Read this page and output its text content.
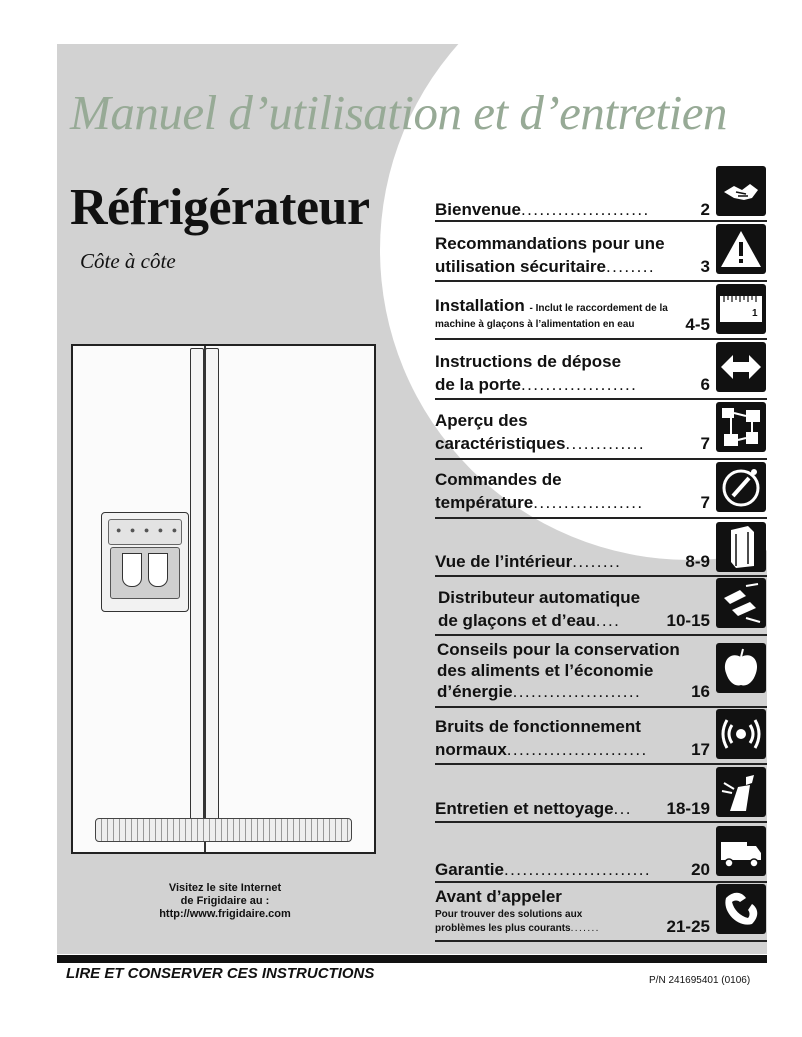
Manuel d’utilisation et d’entretien
Réfrigérateur
Côte à côte
● ● ● ● ●
Visitez le site Internet
de Frigidaire au :
http://www.frigidaire.com
Bienvenue.....................	2
Recommandations pour une
utilisation sécuritaire........	3
Installation - Inclut le raccordement de la
machine à glaçons à l’alimentation en eau	4-5
1
Instructions de dépose
de la porte...................	6
Aperçu des
caractéristiques.............	7
Commandes de
température..................	7
Vue de l’intérieur........	8-9
Distributeur automatique
de glaçons et d’eau....	10-15
Conseils pour la conservation
des aliments et l’économie
d’énergie.....................	16
Bruits de fonctionnement
normaux.......................	17
Entretien et nettoyage... 18-19
Garantie........................ 20
Avant d’appeler
Pour trouver des solutions aux
problèmes les plus courants.......	21-25
LIRE ET CONSERVER CES INSTRUCTIONS	P/N 241695401 (0106)
